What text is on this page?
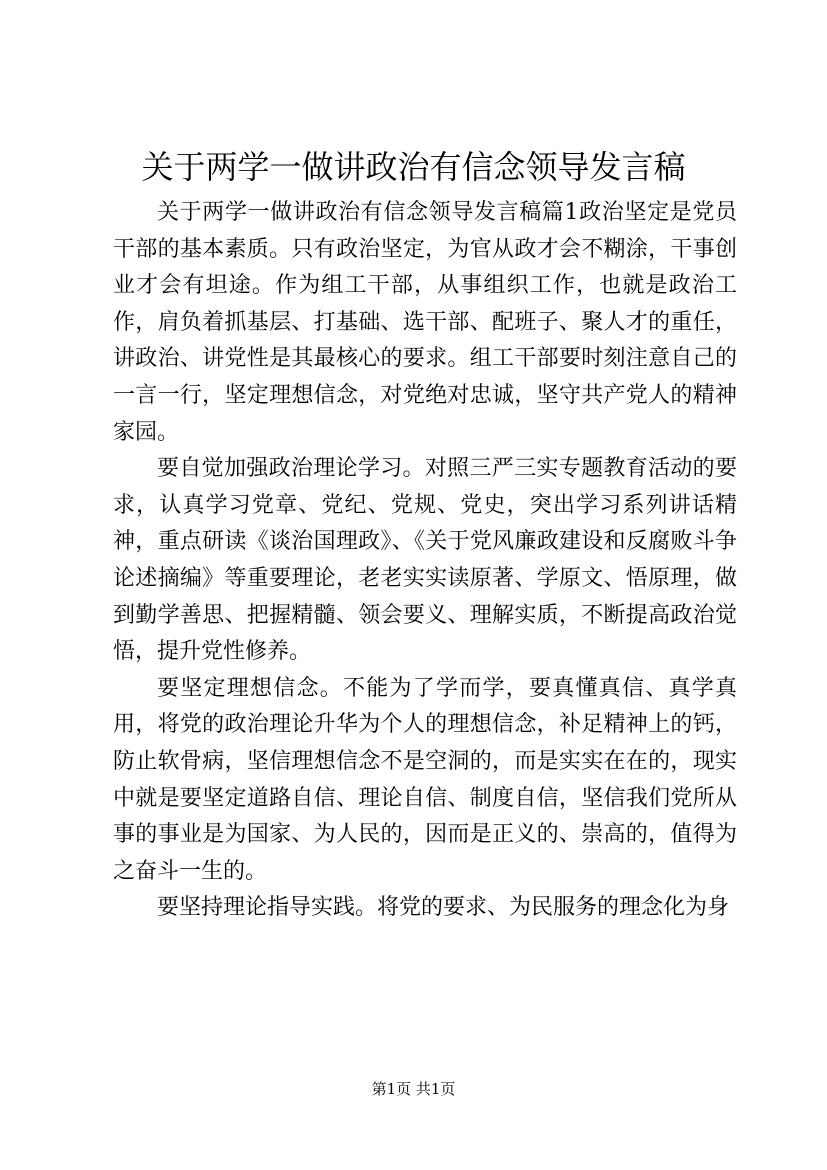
关于两学一做讲政治有信念领导发言稿

关于两学一做讲政治有信念领导发言稿篇1政治坚定是党员干部的基本素质。只有政治坚定，为官从政才会不糊涂，干事创业才会有坦途。作为组工干部，从事组织工作，也就是政治工作，肩负着抓基层、打基础、选干部、配班子、聚人才的重任，讲政治、讲党性是其最核心的要求。组工干部要时刻注意自己的一言一行，坚定理想信念，对党绝对忠诚，坚守共产党人的精神家园。

要自觉加强政治理论学习。对照三严三实专题教育活动的要求，认真学习党章、党纪、党规、党史，突出学习系列讲话精神，重点研读《谈治国理政》、《关于党风廉政建设和反腐败斗争论述摘编》等重要理论，老老实实读原著、学原文、悟原理，做到勤学善思、把握精髓、领会要义、理解实质，不断提高政治觉悟，提升党性修养。

要坚定理想信念。不能为了学而学，要真懂真信、真学真用，将党的政治理论升华为个人的理想信念，补足精神上的钙，防止软骨病，坚信理想信念不是空洞的，而是实实在在的，现实中就是要坚定道路自信、理论自信、制度自信，坚信我们党所从事的事业是为国家、为人民的，因而是正义的、崇高的，值得为之奋斗一生的。

要坚持理论指导实践。将党的要求、为民服务的理念化为身

第1页 共1页
